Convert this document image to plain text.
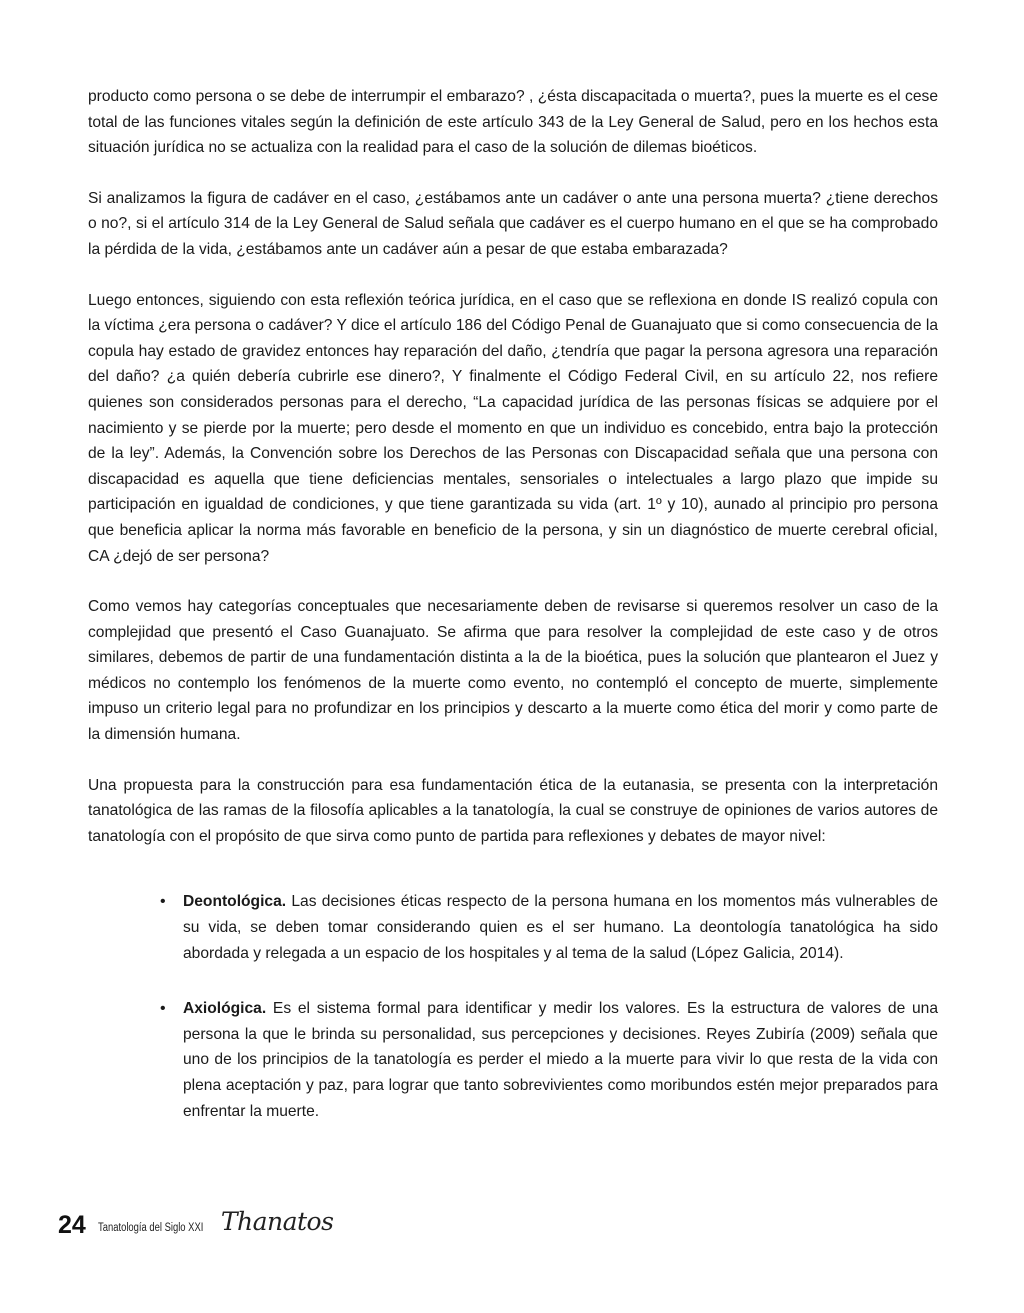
producto como persona o se debe de interrumpir el embarazo? , ¿ésta discapacitada o muerta?, pues la muerte es el cese total de las funciones vitales según la definición de este artículo 343 de la Ley General de Salud, pero en los hechos esta situación jurídica no se actualiza con la realidad para el caso de la solución de dilemas bioéticos.

Si analizamos la figura de cadáver en el caso, ¿estábamos ante un cadáver o ante una persona muerta? ¿tiene derechos o no?, si el artículo 314 de la Ley General de Salud señala que cadáver es el cuerpo humano en el que se ha comprobado la pérdida de la vida, ¿estábamos ante un cadáver aún a pesar de que estaba embarazada?

Luego entonces, siguiendo con esta reflexión teórica jurídica, en el caso que se reflexiona en donde IS realizó copula con la víctima ¿era persona o cadáver? Y dice el artículo 186 del Código Penal de Guanajuato que si como consecuencia de la copula hay estado de gravidez entonces hay reparación del daño, ¿tendría que pagar la persona agresora una reparación del daño? ¿a quién debería cubrirle ese dinero?, Y finalmente el Código Federal Civil, en su artículo 22, nos refiere quienes son considerados personas para el derecho, “La capacidad jurídica de las personas físicas se adquiere por el nacimiento y se pierde por la muerte; pero desde el momento en que un individuo es concebido, entra bajo la protección de la ley”. Además, la Convención sobre los Derechos de las Personas con Discapacidad señala que una persona con discapacidad es aquella que tiene deficiencias mentales, sensoriales o intelectuales a largo plazo que impide su participación en igualdad de condiciones, y que tiene garantizada su vida (art. 1º y 10), aunado al principio pro persona que beneficia aplicar la norma más favorable en beneficio de la persona, y sin un diagnóstico de muerte cerebral oficial, CA ¿dejó de ser persona?

Como vemos hay categorías conceptuales que necesariamente deben de revisarse si queremos resolver un caso de la complejidad que presentó el Caso Guanajuato. Se afirma que para resolver la complejidad de este caso y de otros similares, debemos de partir de una fundamentación distinta a la de la bioética, pues la solución que plantearon el Juez y médicos no contemplo los fenómenos de la muerte como evento, no contempló el concepto de muerte, simplemente impuso un criterio legal para no profundizar en los principios y descarto a la muerte como ética del morir y como parte de la dimensión humana.

Una propuesta para la construcción para esa fundamentación ética de la eutanasia, se presenta con la interpretación tanatológica de las ramas de la filosofía aplicables a la tanatología, la cual se construye de opiniones de varios autores de tanatología con el propósito de que sirva como punto de partida para reflexiones y debates de mayor nivel:

• Deontológica. Las decisiones éticas respecto de la persona humana en los momentos más vulnerables de su vida, se deben tomar considerando quien es el ser humano. La deontología tanatológica ha sido abordada y relegada a un espacio de los hospitales y al tema de la salud (López Galicia, 2014).
• Axiológica. Es el sistema formal para identificar y medir los valores. Es la estructura de valores de una persona la que le brinda su personalidad, sus percepciones y decisiones. Reyes Zubiría (2009) señala que uno de los principios de la tanatología es perder el miedo a la muerte para vivir lo que resta de la vida con plena aceptación y paz, para lograr que tanto sobrevivientes como moribundos estén mejor preparados para enfrentar la muerte.
24 Tanatología del Siglo XXI Thanatos
